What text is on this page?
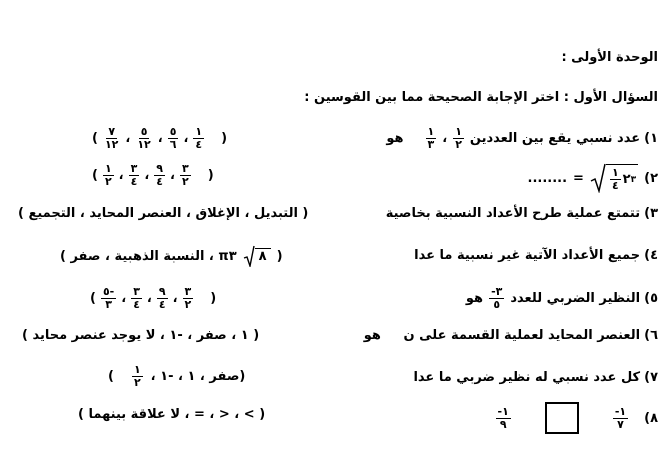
الوحدة الأولى :
السؤال الأول : اختر الإجابة الصحيحة مما بين القوسين :
١)
عدد نسبي يقع بين العددين
١
٢
،
١
٣
هو
( ٧
١٢ ، ٥
١٢ ، ٥
٦ ، ١
٤ )
٢)
١
٤ ٢ ٣
=
........
( ١
٢ ، ٣
٤ ، ٩
٤ ، ٣
٢ )
٣)
تتمتع عملية طرح الأعداد النسبية بخاصية
( التبديل ، الإغلاق ، العنصر المحايد ، التجميع )
٤)
جميع الأعداد الآتية غير نسبية ما عدا
(
٨
π٣ ، النسبة الذهبية ، صفر )
٥)
النظير الضربي للعدد
٣-
٥
هو
( ٥-
٣ ، ٣
٤ ، ٩
٤ ، ٣
٢ )
٦)
العنصر المحايد لعملية القسمة على ن     هو
( ١ ، صفر ، -١ ، لا يوجد عنصر محايد )
٧)
كل عدد نسبي له نظير ضربي ما عدا
(صفر ، ١ ، -١ ،
١
٢
)
٨)
١-
٧
١-
٩
( > ، < ، = ، لا علاقة بينهما )
